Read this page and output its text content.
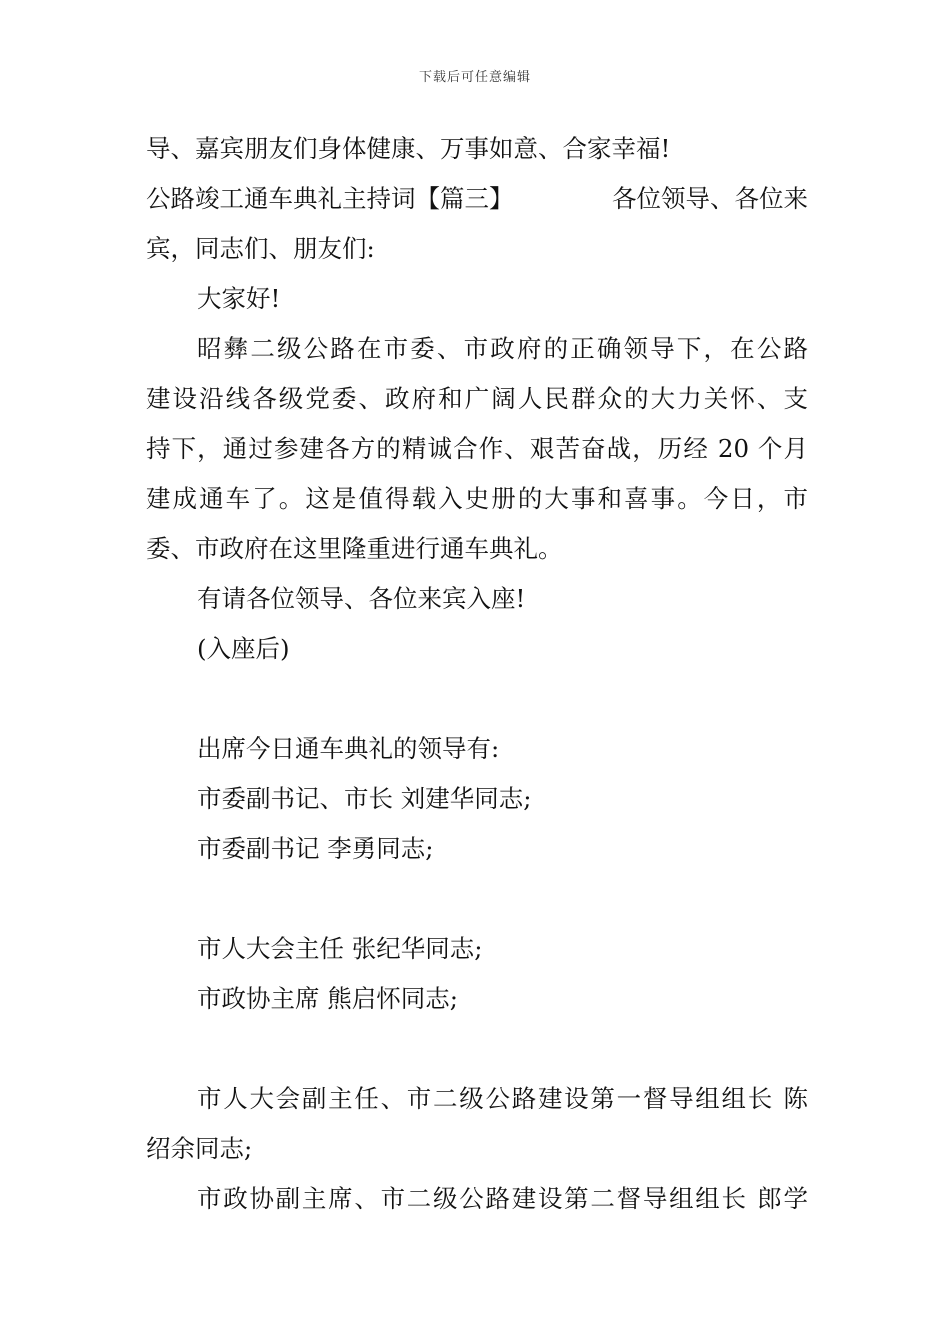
下载后可任意编辑
导、嘉宾朋友们身体健康、万事如意、合家幸福!
公路竣工通车典礼主持词【篇三】	各位领导、各位来
宾，同志们、朋友们:
大家好!
昭彝二级公路在市委、市政府的正确领导下，在公路
建设沿线各级党委、政府和广阔人民群众的大力关怀、支
持下，通过参建各方的精诚合作、艰苦奋战，历经 20 个月
建成通车了。这是值得载入史册的大事和喜事。今日，市
委、市政府在这里隆重进行通车典礼。
有请各位领导、各位来宾入座!
(入座后)
出席今日通车典礼的领导有:
市委副书记、市长 刘建华同志;
市委副书记 李勇同志;
市人大会主任 张纪华同志;
市政协主席 熊启怀同志;
市人大会副主任、市二级公路建设第一督导组组长 陈
绍余同志;
市政协副主席、市二级公路建设第二督导组组长 郎学
